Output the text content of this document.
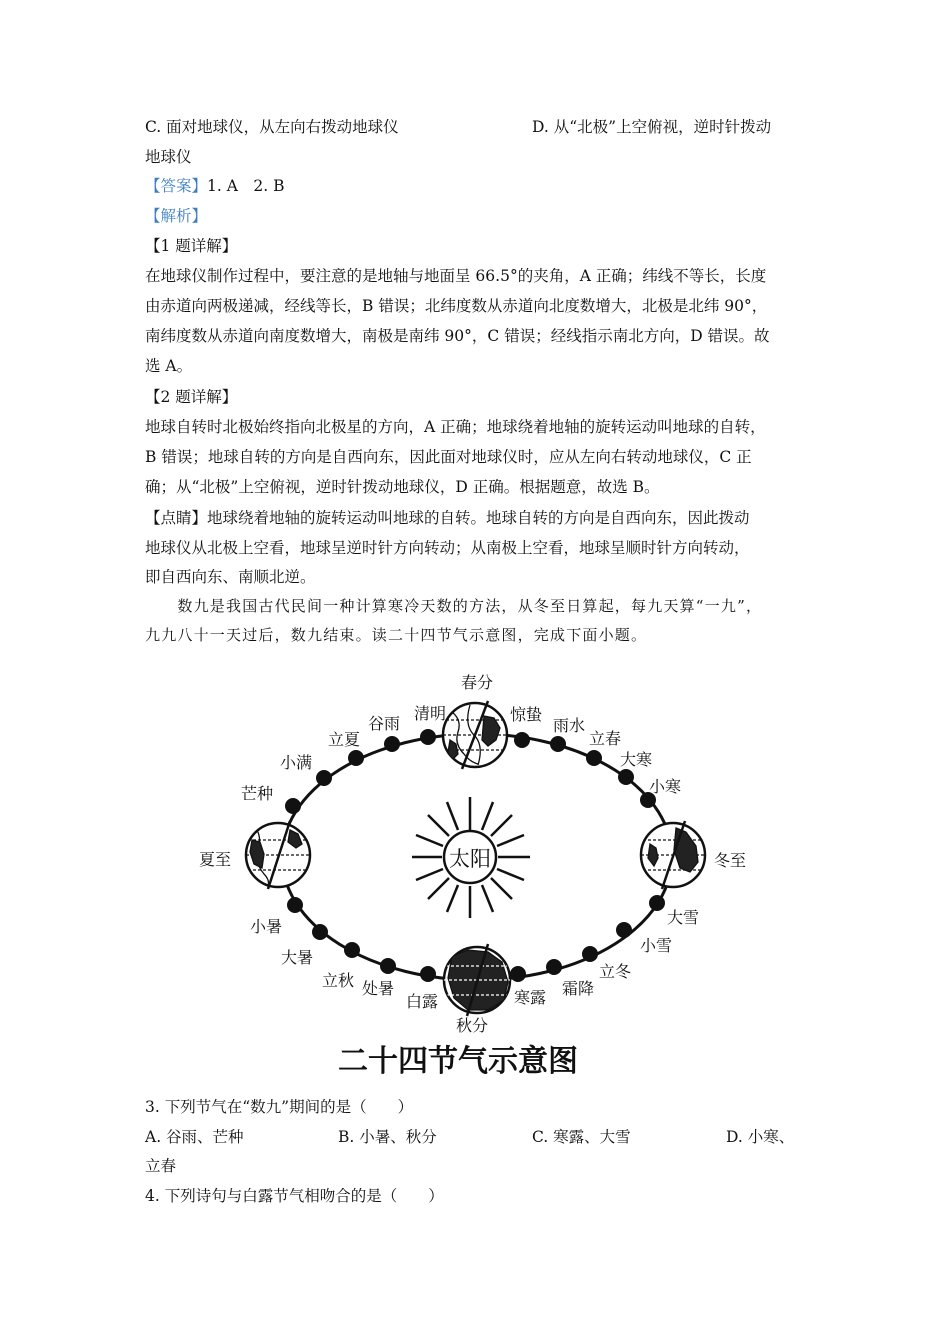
C. 面对地球仪，从左向右拨动地球仪	D. 从“北极”上空俯视，逆时针拨动
地球仪
【答案】1. A　2. B
【解析】
【1 题详解】
在地球仪制作过程中，要注意的是地轴与地面呈 66.5°的夹角，A 正确；纬线不等长，长度
由赤道向两极递减，经线等长，B 错误；北纬度数从赤道向北度数增大，北极是北纬 90°，
南纬度数从赤道向南度数增大，南极是南纬 90°，C 错误；经线指示南北方向，D 错误。故
选 A。
【2 题详解】
地球自转时北极始终指向北极星的方向，A 正确；地球绕着地轴的旋转运动叫地球的自转，
B 错误；地球自转的方向是自西向东，因此面对地球仪时，应从左向右转动地球仪，C 正
确；从“北极”上空俯视，逆时针拨动地球仪，D 正确。根据题意，故选 B。
【点睛】地球绕着地轴的旋转运动叫地球的自转。地球自转的方向是自西向东，因此拨动
地球仪从北极上空看，地球呈逆时针方向转动；从南极上空看，地球呈顺时针方向转动，
即自西向东、南顺北逆。
　　数九是我国古代民间一种计算寒冷天数的方法，从冬至日算起，每九天算“一九”，
九九八十一天过后，数九结束。读二十四节气示意图，完成下面小题。
太阳
春分
惊蛰
雨水
立春
大寒
小寒
冬至
大雪
小雪
立冬
霜降
寒露
秋分
白露
处暑
立秋
大暑
小暑
夏至
芒种
小满
立夏
谷雨
清明
二十四节气示意图
3. 下列节气在“数九”期间的是（　　）
A. 谷雨、芒种	B. 小暑、秋分	C. 寒露、大雪	D. 小寒、
立春
4. 下列诗句与白露节气相吻合的是（　　）
